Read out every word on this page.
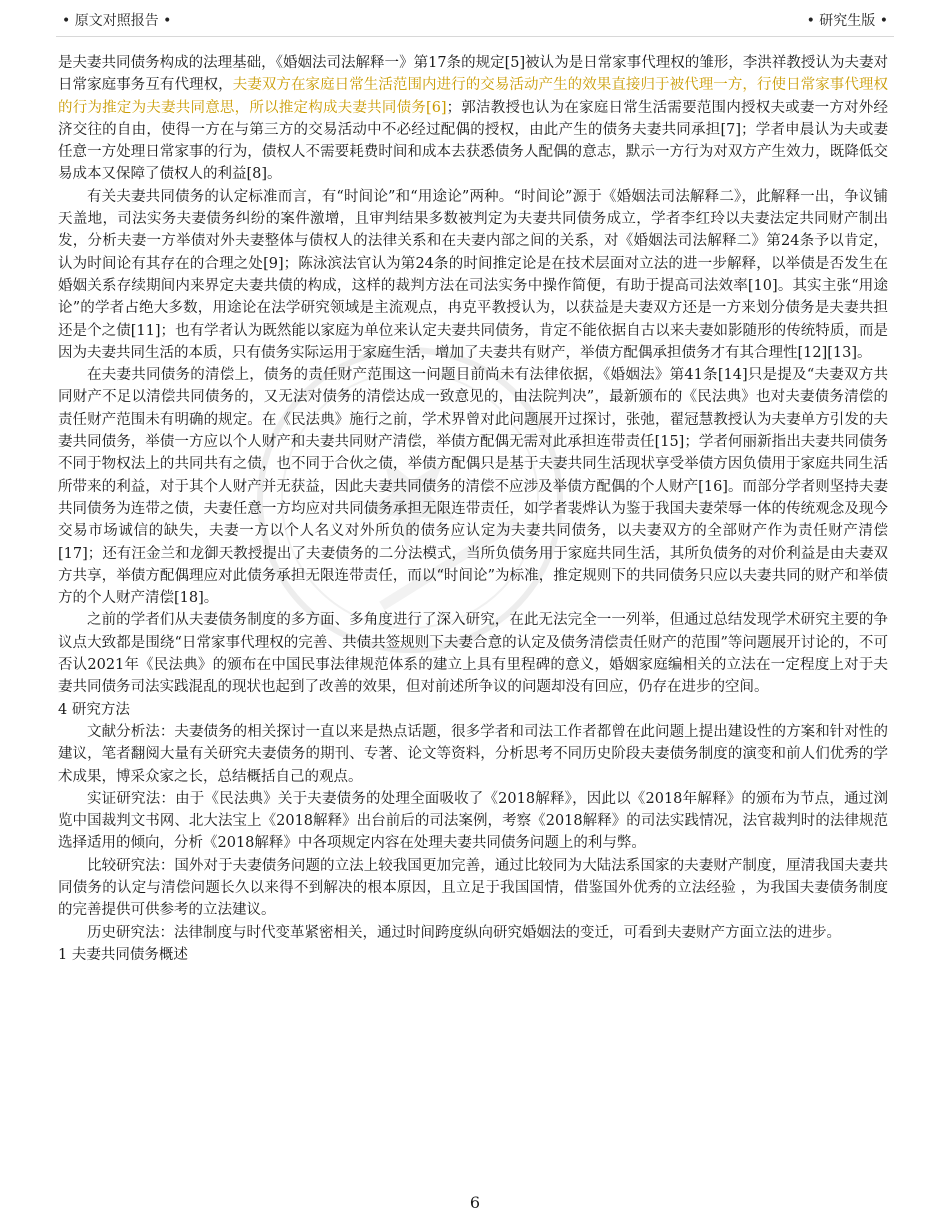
• 原文对照报告 •	• 研究生版 •

是夫妻共同债务构成的法理基础，《婚姻法司法解释一》第17条的规定[5]被认为是日常家事代理权的雏形，李洪祥教授认为夫妻对日常家庭事务互有代理权，夫妻双方在家庭日常生活范围内进行的交易活动产生的效果直接归于被代理一方，行使日常家事代理权的行为推定为夫妻共同意思，所以推定构成夫妻共同债务[6]；郭洁教授也认为在家庭日常生活需要范围内授权夫或妻一方对外经济交往的自由，使得一方在与第三方的交易活动中不必经过配偶的授权，由此产生的债务夫妻共同承担[7]；学者申晨认为夫或妻任意一方处理日常家事的行为，债权人不需要耗费时间和成本去获悉债务人配偶的意志，默示一方行为对双方产生效力，既降低交易成本又保障了债权人的利益[8]。

有关夫妻共同债务的认定标准而言，有“时间论”和“用途论”两种。“时间论”源于《婚姻法司法解释二》，此解释一出，争议铺天盖地，司法实务夫妻债务纠纷的案件激增，且审判结果多数被判定为夫妻共同债务成立，学者李红玲以夫妻法定共同财产制出发，分析夫妻一方举债对外夫妻整体与债权人的法律关系和在夫妻内部之间的关系，对《婚姻法司法解释二》第24条予以肯定，认为时间论有其存在的合理之处[9]；陈泳滨法官认为第24条的时间推定论是在技术层面对立法的进一步解释，以举债是否发生在婚姻关系存续期间内来界定夫妻共债的构成，这样的裁判方法在司法实务中操作简便，有助于提高司法效率[10]。其实主张“用途论”的学者占绝大多数，用途论在法学研究领域是主流观点，冉克平教授认为，以获益是夫妻双方还是一方来划分债务是夫妻共担还是个之债[11]；也有学者认为既然能以家庭为单位来认定夫妻共同债务，肯定不能依据自古以来夫妻如影随形的传统特质，而是因为夫妻共同生活的本质，只有债务实际运用于家庭生活，增加了夫妻共有财产，举债方配偶承担债务才有其合理性[12][13]。

在夫妻共同债务的清偿上，债务的责任财产范围这一问题目前尚未有法律依据，《婚姻法》第41条[14]只是提及“夫妻双方共同财产不足以清偿共同债务的，又无法对债务的清偿达成一致意见的，由法院判决”，最新颁布的《民法典》也对夫妻债务清偿的责任财产范围未有明确的规定。在《民法典》施行之前，学术界曾对此问题展开过探讨，张弛，翟冠慧教授认为夫妻单方引发的夫妻共同债务，举债一方应以个人财产和夫妻共同财产清偿，举债方配偶无需对此承担连带责任[15]；学者何丽新指出夫妻共同债务不同于物权法上的共同共有之债，也不同于合伙之债，举债方配偶只是基于夫妻共同生活现状享受举债方因负债用于家庭共同生活所带来的利益，对于其个人财产并无获益，因此夫妻共同债务的清偿不应涉及举债方配偶的个人财产[16]。而部分学者则坚持夫妻共同债务为连带之债，夫妻任意一方均应对共同债务承担无限连带责任，如学者裴烨认为鉴于我国夫妻荣辱一体的传统观念及现今交易市场诚信的缺失，夫妻一方以个人名义对外所负的债务应认定为夫妻共同债务，以夫妻双方的全部财产作为责任财产清偿[17]；还有汪金兰和龙御天教授提出了夫妻债务的二分法模式，当所负债务用于家庭共同生活，其所负债务的对价利益是由夫妻双方共享，举债方配偶理应对此债务承担无限连带责任，而以“时间论”为标准，推定规则下的共同债务只应以夫妻共同的财产和举债方的个人财产清偿[18]。

之前的学者们从夫妻债务制度的多方面、多角度进行了深入研究，在此无法完全一一列举，但通过总结发现学术研究主要的争议点大致都是围绕“日常家事代理权的完善、共债共签规则下夫妻合意的认定及债务清偿责任财产的范围”等问题展开讨论的，不可否认2021年《民法典》的颁布在中国民事法律规范体系的建立上具有里程碑的意义，婚姻家庭编相关的立法在一定程度上对于夫妻共同债务司法实践混乱的现状也起到了改善的效果，但对前述所争议的问题却没有回应，仍存在进步的空间。

4 研究方法

文献分析法：夫妻债务的相关探讨一直以来是热点话题，很多学者和司法工作者都曾在此问题上提出建设性的方案和针对性的建议，笔者翻阅大量有关研究夫妻债务的期刊、专著、论文等资料，分析思考不同历史阶段夫妻债务制度的演变和前人们优秀的学术成果，博采众家之长，总结概括自己的观点。

实证研究法：由于《民法典》关于夫妻债务的处理全面吸收了《2018解释》，因此以《2018年解释》的颁布为节点，通过浏览中国裁判文书网、北大法宝上《2018解释》出台前后的司法案例，考察《2018解释》的司法实践情况，法官裁判时的法律规范选择适用的倾向，分析《2018解释》中各项规定内容在处理夫妻共同债务问题上的利与弊。

比较研究法：国外对于夫妻债务问题的立法上较我国更加完善，通过比较同为大陆法系国家的夫妻财产制度，厘清我国夫妻共同债务的认定与清偿问题长久以来得不到解决的根本原因，且立足于我国国情，借鉴国外优秀的立法经验 ，为我国夫妻债务制度的完善提供可供参考的立法建议。

历史研究法：法律制度与时代变革紧密相关，通过时间跨度纵向研究婚姻法的变迁，可看到夫妻财产方面立法的进步。

1 夫妻共同债务概述

6
